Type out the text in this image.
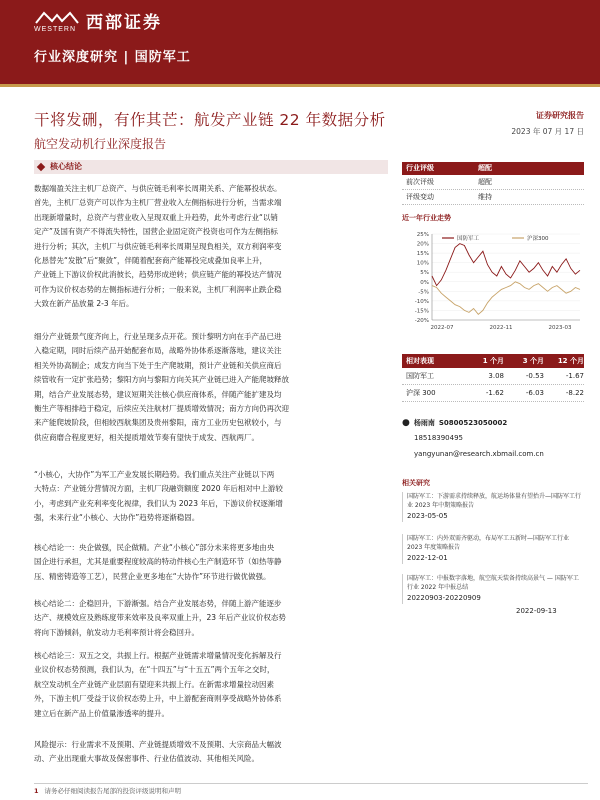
WESTERN 西部证券
行业深度研究 | 国防军工
干将发硎，有作其芒：航发产业链 22 年数据分析
航空发动机行业深度报告
证券研究报告
2023 年 07 月 17 日
核心结论
数据端盈关注主机厂总资产、与供应链毛利率长周期关系、产能幂投状态。
首先，主机厂总资产可以作为主机厂营业收入左侧指标进行分析，当需求端
出现新增量时，总资产与营业收入呈现双重上升趋势，此外考虑行业“以销
定产”及国有资产不得流失特性，国营企业固定资产投资也可作为左侧指标
进行分析；其次，主机厂与供应链毛利率长周期呈现負相关，双方利润率变
化恳替先“发散”后“聚敛”，伴随着配套商产能幂投完成叠加良率上升，
产业链上下游议价权此消彼长，趋势形成逆转；供应链产能的幂投达产情况
可作为议价权态势的左侧指标进行分析；一般来说，主机厂利润率止跌企稳
大致在新产品放量 2-3 年后。
细分产业链景气度齐向上，行业呈现多点开花。预计黎明方向在手产品已进
入稳定期，同时后续产品开始配套布局，战略外协体系逐渐落地，建议关注
相关外协高制企；成发方向当下处于生产爬坡期，预计产业链和关供应商后
续管收有一定扩张趋势；黎阳方向与黎阳方向关其产业链已进入产能爬坡释放
期，结合产业发展态势，建议短期关注核心供应商体系，伴随产能扩建及均
衡生产等相排趋于稳定，后续应关注航材厂提质增效情况；南方方向仍再次迎
来产能爬坡阶段，但相较西航集团及贵州黎阳，南方工业历史包袱较小，与
供应商磨合程度更好，相关提质增效节奏有望快于成发、西航两厂。
“小核心，大协作”为军工产业发展长期趋势。我们重点关注产业链以下两
大特点：产业链分营情况方面，主机厂段融资额度 2020 年后相对中上游较
小，考虑到产业充利率变化视律，我们认为 2023 年后，下游议价权逐渐增
强，未来行业“小核心、大协作”趋势将逐渐稳固。
核心结论一：央企做强，民企做精。产业“小核心”部分未来将更多地由央
国企进行承担，尤其是重要程度较高的特动件核心生产制造环节（如热等静
压、精密铸造等工艺），民营企业更多地在“大协作”环节进行做优做强。
核心结论二：企稳回升，下游渐强。结合产业发展态势，伴随上游产能逐步
达产、规模效应及熟练度带来效率及良率双重上升，23 年后产业议价权态势
将向下游倾斜，航发动力毛利率预计将会稳回升。
核心结论三：双五之交，共振上行。根据产业链需求增量情况变化拆解及行
业议价权态势预测，我们认为，在“十四五”与“十五五”两个五年之交时，
航空发动机全产业链产业层面有望迎来共振上行。在新需求增量拉动因素
外，下游主机厂受益于议价权态势上升，中上游配套商则享受战略外协体系
建立后在新产品上价值量渗透率的提升。
风险提示：行业需求不及预期、产业链提质增效不及预期、大宗商品大幅波
动、产业出现重大事故及保密事件、行业估值波动、其他相关风险。
行业评级	超配
前次评级	超配
评级变动	维持
近一年行业走势
25%
20%
15%
10%
5%
0%
-5%
-10%
-15%
-20%
2022-07	2022-11	2023-03
国防军工	沪深300
相对表现	1 个月	3 个月	12 个月
国防军工	3.08	-0.53	-1.67
沪深 300	-1.62	-6.03	-8.22
● 杨雨南 S0800523050002
18518390495
yangyunan@research.xbmail.com.cn
相关研究
国防军工：下游需求持续释放，航运场体量有望抬升—国防军工行业 2023 年中期策略报告
2023-05-05
国防军工：内外双需齐驱动，布局军工五新时—国防军工行业 2023 年度策略报告
2022-12-01
国防军工：中报数字落地，航空航天装备持续高景气 — 国防军工行业 2022 年中报总结
20220903-20220909
2022-09-13
1 请务必仔细阅读报告尾部的投资评级说明和声明
